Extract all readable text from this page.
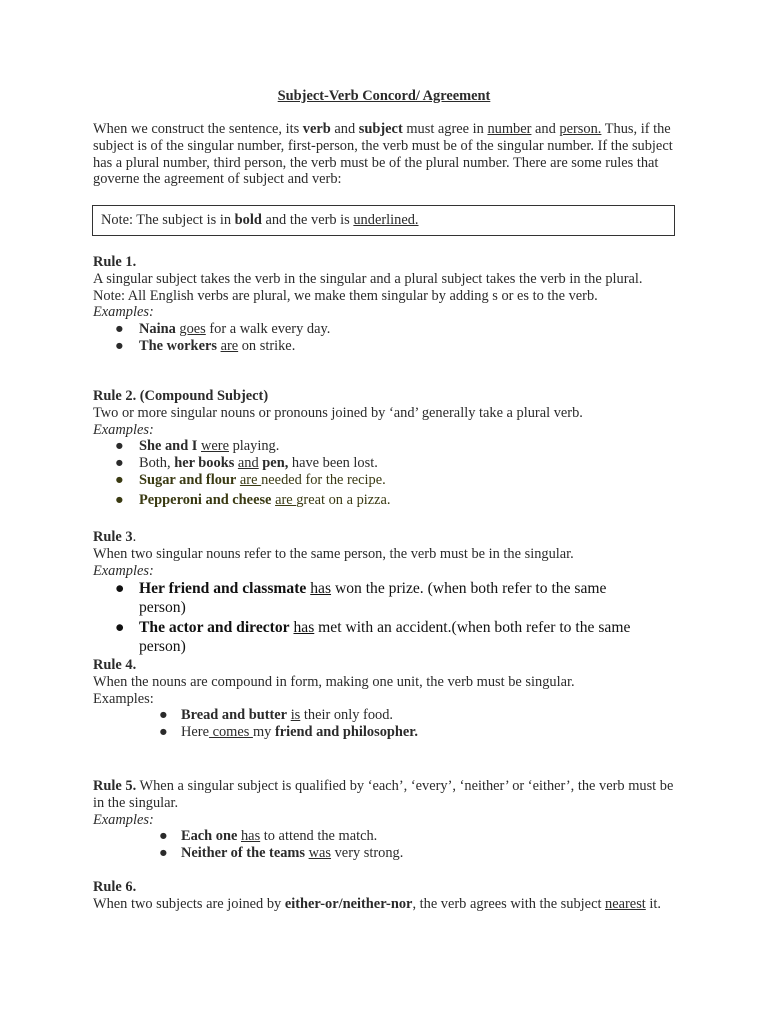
Subject-Verb Concord/ Agreement
When we construct the sentence, its verb and subject must agree in number and person. Thus, if the subject is of the singular number, first-person, the verb must be of the singular number. If the subject has a plural number, third person, the verb must be of the plural number. There are some rules that governe the agreement of subject and verb:
Note: The subject is in bold and the verb is underlined.

Rule 1.

A singular subject takes the verb in the singular and a plural subject takes the verb in the plural.

Note: All English verbs are plural, we make them singular by adding s or es to the verb.

Examples:

● Naina goes for a walk every day.
● The workers are on strike.

Rule 2. (Compound Subject)

Two or more singular nouns or pronouns joined by ‘and’ generally take a plural verb.

Examples:

● She and I were playing.
● Both, her books and pen, have been lost.
● Sugar and flour are needed for the recipe.
● Pepperoni and cheese are great on a pizza.

Rule 3.

When two singular nouns refer to the same person, the verb must be in the singular.

Examples:

● Her friend and classmate has won the prize. (when both refer to the same person)
● The actor and director has met with an accident.(when both refer to the same person)

Rule 4.

When the nouns are compound in form, making one unit, the verb must be singular.

Examples:

● Bread and butter is their only food.
● Here comes my friend and philosopher.

Rule 5. When a singular subject is qualified by ‘each’, ‘every’, ‘neither’ or ‘either’, the verb must be in the singular.

Examples:

● Each one has to attend the match.
● Neither of the teams was very strong.

Rule 6.

When two subjects are joined by either-or/neither-nor, the verb agrees with the subject nearest it.
